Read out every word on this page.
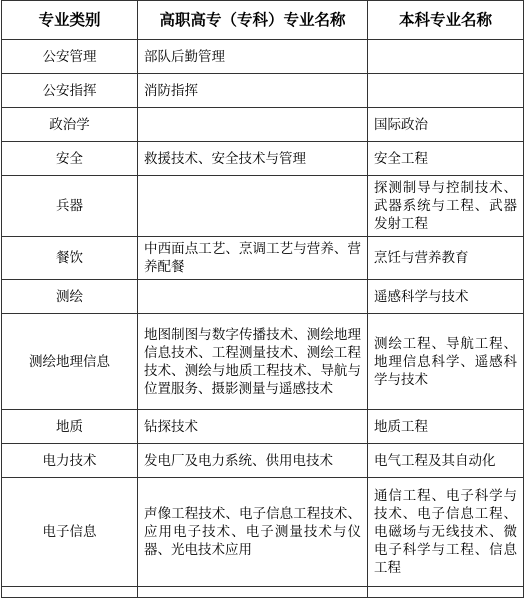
专业类别	高职高专（专科）专业名称	本科专业名称
公安管理	部队后勤管理	
公安指挥	消防指挥	
政治学		国际政治
安全	救援技术、安全技术与管理	安全工程
兵器		探测制导与控制技术、武器系统与工程、武器发射工程
餐饮	中西面点工艺、烹调工艺与营养、营养配餐	烹饪与营养教育
测绘		遥感科学与技术
测绘地理信息	地图制图与数字传播技术、测绘地理信息技术、工程测量技术、测绘工程技术、测绘与地质工程技术、导航与位置服务、摄影测量与遥感技术	测绘工程、导航工程、地理信息科学、遥感科学与技术
地质	钻探技术	地质工程
电力技术	发电厂及电力系统、供用电技术	电气工程及其自动化
电子信息	声像工程技术、电子信息工程技术、应用电子技术、电子测量技术与仪器、光电技术应用	通信工程、电子科学与技术、电子信息工程、电磁场与无线技术、微电子科学与工程、信息工程
